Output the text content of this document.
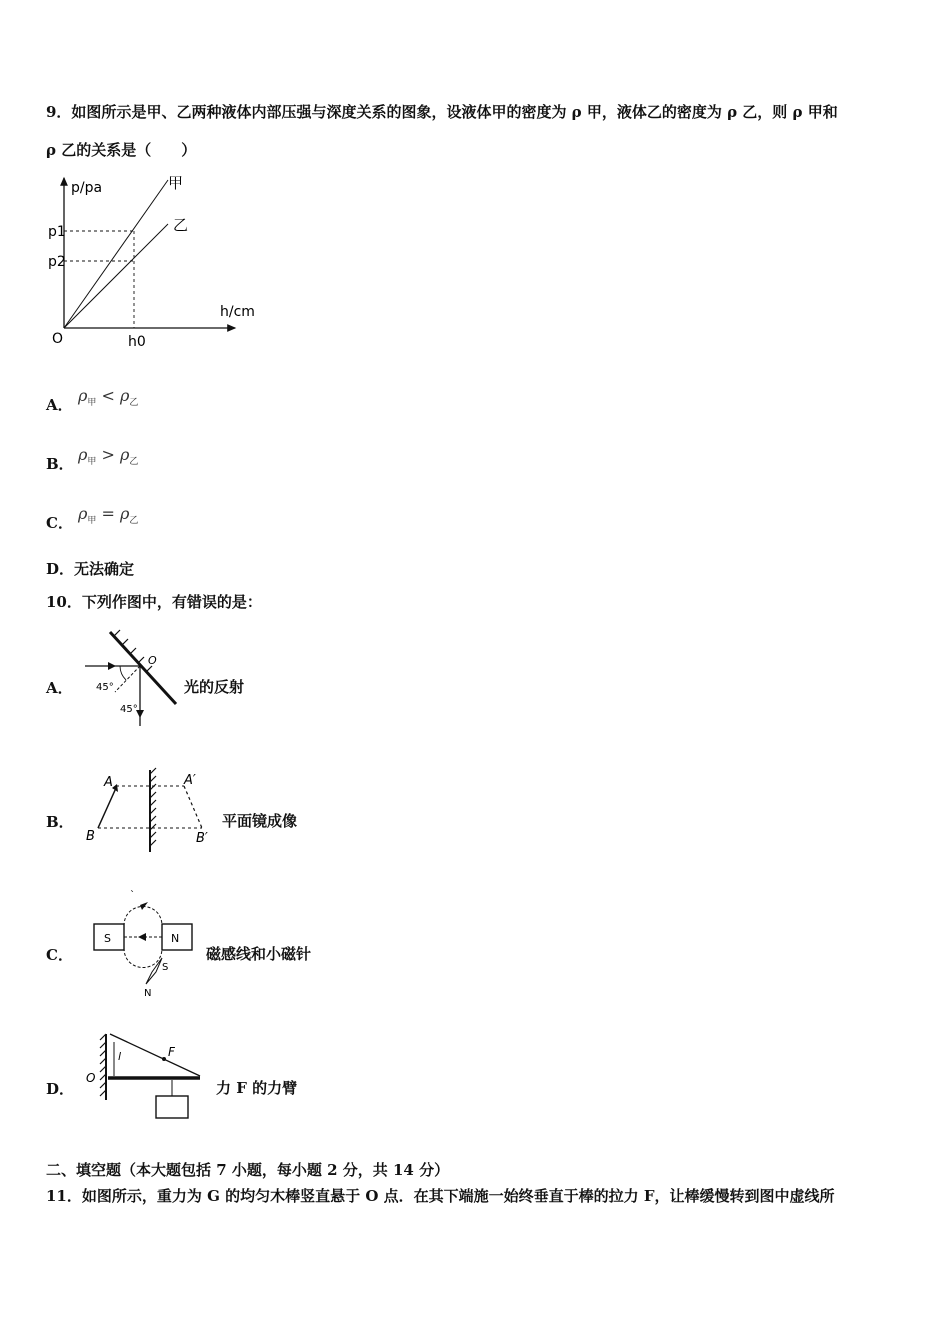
9．如图所示是甲、乙两种液体内部压强与深度关系的图象，设液体甲的密度为 ρ 甲，液体乙的密度为 ρ 乙，则 ρ 甲和
ρ 乙的关系是（　　）
p/pa
h/cm
O
p1
p2
h0
甲
乙
A． $\rho_甲 < \rho_乙$
B． $\rho_甲 > \rho_乙$
C． $\rho_甲 = \rho_乙$
D．无法确定
10．下列作图中，有错误的是：
A． 45°
45°
O
光的反射
B．
A	A′
B	B′
平面镜成像
C．
S	N
S
N
`
磁感线和小磁针
D．
l	F
O
力 F 的力臂
二、填空题（本大题包括 7 小题，每小题 2 分，共 14 分）
11．如图所示，重力为 G 的均匀木棒竖直悬于 O 点．在其下端施一始终垂直于棒的拉力 F，让棒缓慢转到图中虚线所
